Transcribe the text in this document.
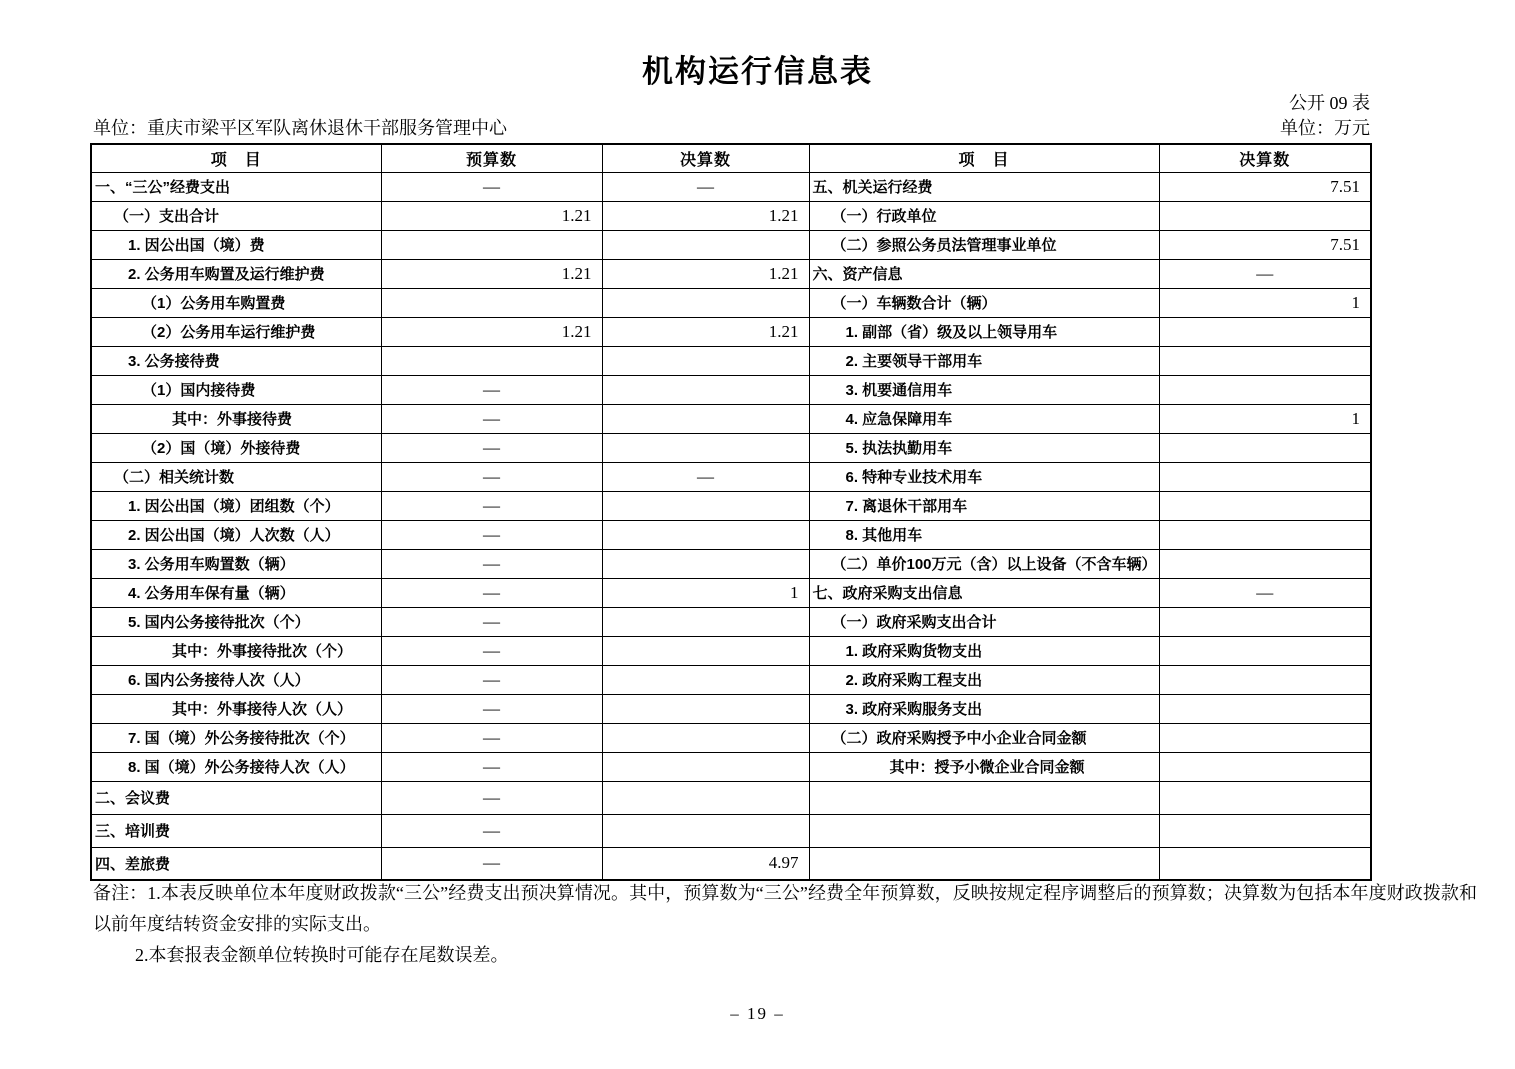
机构运行信息表
公开 09 表
单位：重庆市梁平区军队离休退休干部服务管理中心	单位：万元
项　目	预算数	决算数	项　目	决算数
一、“三公”经费支出	—	—	五、机关运行经费	7.51
（一）支出合计	1.21	1.21	（一）行政单位	
1. 因公出国（境）费			（二）参照公务员法管理事业单位	7.51
2. 公务用车购置及运行维护费	1.21	1.21	六、资产信息	—
（1）公务用车购置费			（一）车辆数合计（辆）	1
（2）公务用车运行维护费	1.21	1.21	1. 副部（省）级及以上领导用车	
3. 公务接待费			2. 主要领导干部用车	
（1）国内接待费	—		3. 机要通信用车	
其中：外事接待费	—		4. 应急保障用车	1
（2）国（境）外接待费	—		5. 执法执勤用车	
（二）相关统计数	—	—	6. 特种专业技术用车	
1. 因公出国（境）团组数（个）	—		7. 离退休干部用车	
2. 因公出国（境）人次数（人）	—		8. 其他用车	
3. 公务用车购置数（辆）	—		（二）单价100万元（含）以上设备（不含车辆）	
4. 公务用车保有量（辆）	—	1	七、政府采购支出信息	—
5. 国内公务接待批次（个）	—		（一）政府采购支出合计	
其中：外事接待批次（个）	—		1. 政府采购货物支出	
6. 国内公务接待人次（人）	—		2. 政府采购工程支出	
其中：外事接待人次（人）	—		3. 政府采购服务支出	
7. 国（境）外公务接待批次（个）	—		（二）政府采购授予中小企业合同金额	
8. 国（境）外公务接待人次（人）	—		其中：授予小微企业合同金额	
二、会议费	—			
三、培训费	—			
四、差旅费	—	4.97		
备注：1.本表反映单位本年度财政拨款“三公”经费支出预决算情况。其中，预算数为“三公”经费全年预算数，反映按规定程序调整后的预算数；决算数为包括本年度财政拨款和以前年度结转资金安排的实际支出。
2.本套报表金额单位转换时可能存在尾数误差。
– 19 –
